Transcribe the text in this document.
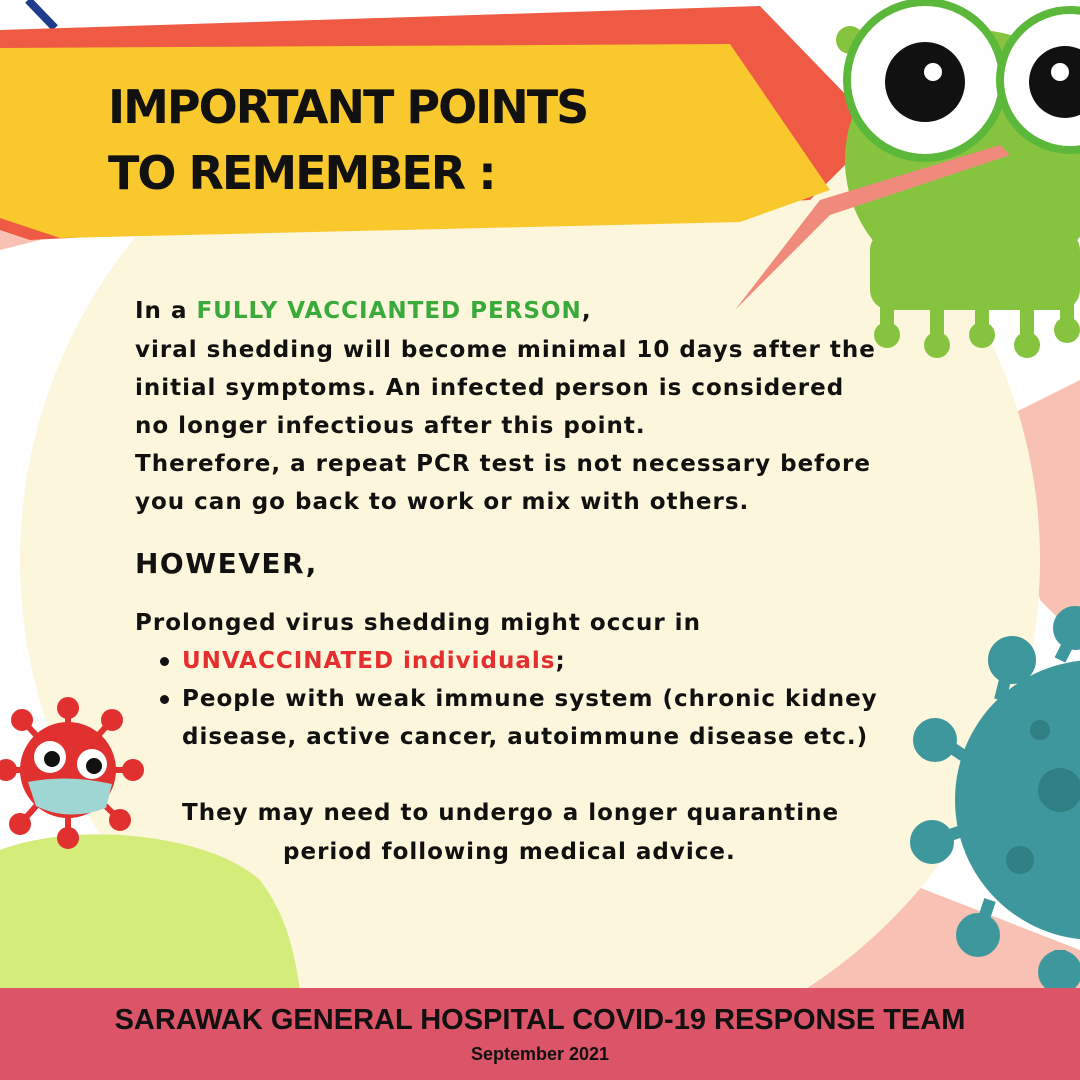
IMPORTANT POINTS
TO REMEMBER :
In a FULLY VACCIANTED PERSON,
viral shedding will become minimal 10 days after the
initial symptoms. An infected person is considered
no longer infectious after this point.
Therefore, a repeat PCR test is not necessary before
you can go back to work or mix with others.
HOWEVER,
Prolonged virus shedding might occur in
UNVACCINATED individuals;
People with weak immune system (chronic kidney
disease, active cancer, autoimmune disease etc.)
They may need to undergo a longer quarantine
period following medical advice.
SARAWAK GENERAL HOSPITAL COVID-19 RESPONSE TEAM
September 2021
